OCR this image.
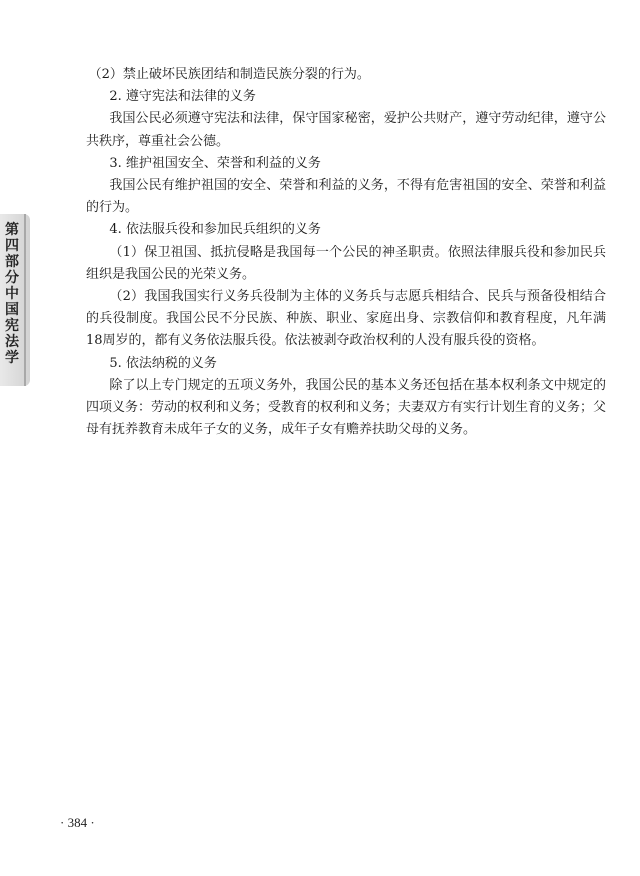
第四部分 中国宪法学

（2）禁止破坏民族团结和制造民族分裂的行为。

2. 遵守宪法和法律的义务

我国公民必须遵守宪法和法律，保守国家秘密，爱护公共财产，遵守劳动纪律，遵守公共秩序，尊重社会公德。

3. 维护祖国安全、荣誉和利益的义务

我国公民有维护祖国的安全、荣誉和利益的义务，不得有危害祖国的安全、荣誉和利益的行为。

4. 依法服兵役和参加民兵组织的义务

（1）保卫祖国、抵抗侵略是我国每一个公民的神圣职责。依照法律服兵役和参加民兵组织是我国公民的光荣义务。

（2）我国我国实行义务兵役制为主体的义务兵与志愿兵相结合、民兵与预备役相结合的兵役制度。我国公民不分民族、种族、职业、家庭出身、宗教信仰和教育程度，凡年满18周岁的，都有义务依法服兵役。依法被剥夺政治权利的人没有服兵役的资格。

5. 依法纳税的义务

除了以上专门规定的五项义务外，我国公民的基本义务还包括在基本权利条文中规定的四项义务：劳动的权利和义务；受教育的权利和义务；夫妻双方有实行计划生育的义务；父母有抚养教育未成年子女的义务，成年子女有赡养扶助父母的义务。

· 384 ·
